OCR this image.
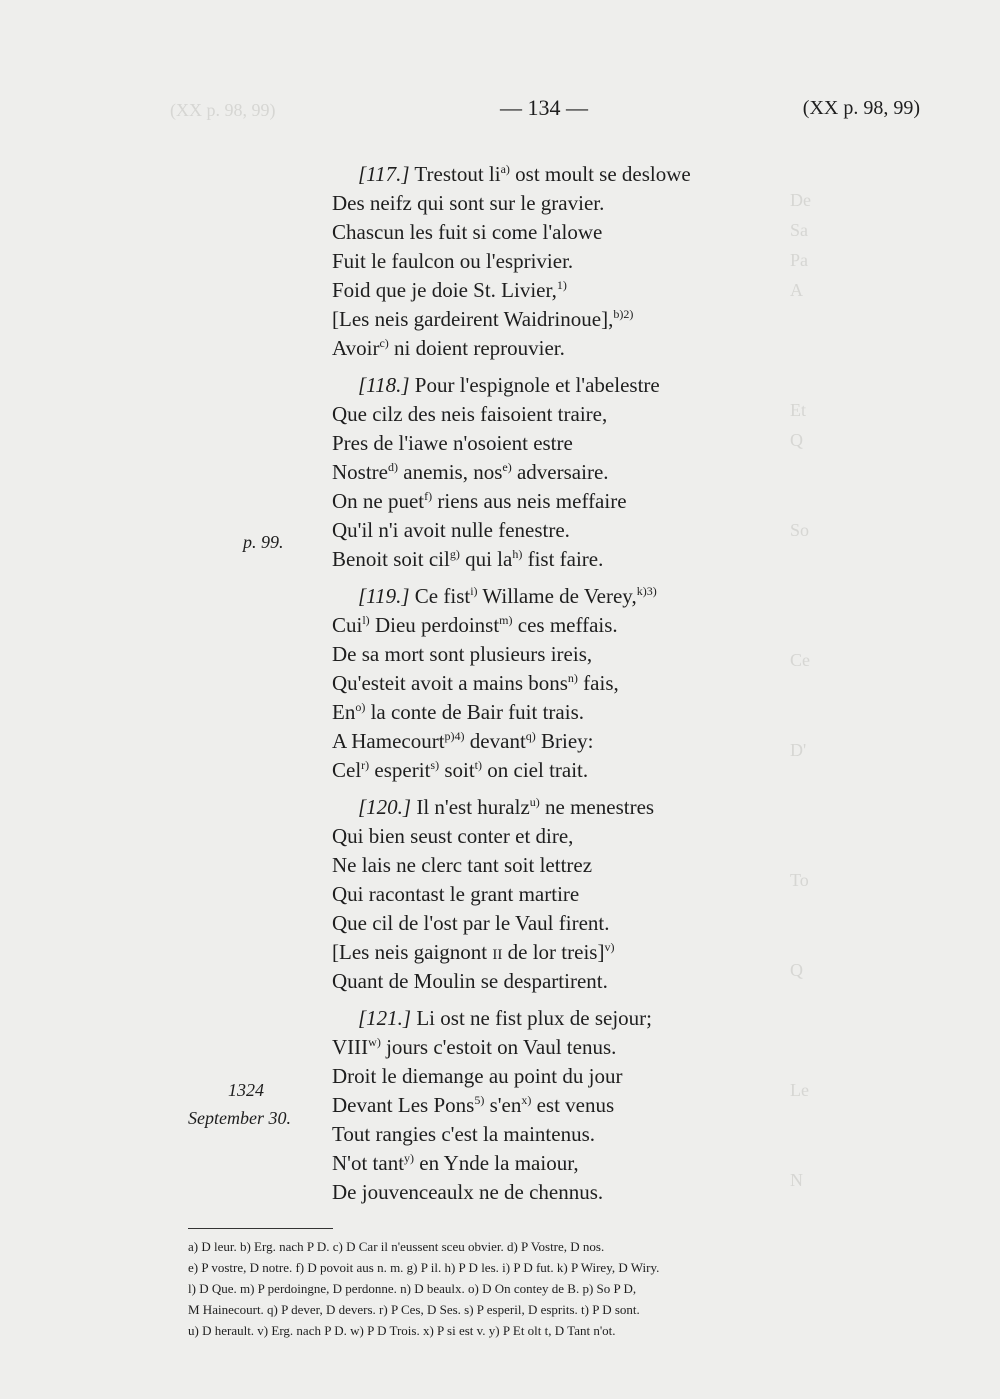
(XX p. 98, 99)
De
Sa
Pa
A
Et
Q
So
Ce
D'
To
Q
Le
N
— 134 —	(XX p. 98, 99)
[117.] Trestout $li^{a)}$ ost moult se deslowe
Des neifz qui sont sur le gravier.
Chascun les fuit si come l'alowe
Fuit le faulcon ou l'esprivier.
Foid que je doie St. Livier,$^{1)}$
[Les neis gardeirent Waidrinoue],$^{b)2)}$
Avoir$^{c)}$ ni doient reprouvier.
[118.] Pour l'espignole et l'abelestre
Que cilz des neis faisoient traire,
Pres de l'iawe n'osoient estre
Nostre$^{d)}$ anemis, nos$^{e)}$ adversaire.
On ne puet$^{f)}$ riens aus neis meffaire
Qu'il n'i avoit nulle fenestre.
Benoit soit cil$^{g)}$ qui $la^{h)}$ fist faire.
[119.] Ce fist$^{i)}$ Willame de Verey,$^{k)3)}$
Cui$^{l)}$ Dieu perdoinst$^{m)}$ ces meffais.
De sa mort sont plusieurs ireis,
Qu'esteit avoit a mains bons$^{n)}$ fais,
En$^{o)}$ la conte de Bair fuit trais.
A Hamecourt$^{p)4)}$ devant$^{q)}$ Briey:
Cel$^{r)}$ esperit$^{s)}$ soit$^{t)}$ on ciel trait.
[120.] Il n'est huralz$^{u)}$ ne menestres
Qui bien seust conter et dire,
Ne lais ne clerc tant soit lettrez
Qui racontast le grant martire
Que cil de l'ost par le Vaul firent.
[Les neis gaignont ii de lor treis]$^{v)}$
Quant de Moulin se despartirent.
[121.] Li ost ne fist plux de sejour;
VIII$^{w)}$ jours c'estoit on Vaul tenus.
Droit le diemange au point du jour
Devant Les Pons$^{5)}$ $s'en^{x)}$ est venus
Tout rangies c'est la maintenus.
N'ot tant$^{y)}$ en Ynde la maiour,
De jouvenceaulx ne de chennus.
p. 99.
1324
September 30.
a) D leur. b) Erg. nach P D. c) D Car il n'eussent sceu obvier. d) P Vostre, D nos.
e) P vostre, D notre. f) D povoit aus n. m. g) P il. h) P D les. i) P D fut. k) P Wirey, D Wiry.
l) D Que. m) P perdoingne, D perdonne. n) D beaulx. o) D On contey de B. p) So P D,
M Hainecourt. q) P dever, D devers. r) P Ces, D Ses. s) P esperil, D esprits. t) P D sont.
u) D herault. v) Erg. nach P D. w) P D Trois. x) P si est v. y) P Et olt t, D Tant n'ot.
